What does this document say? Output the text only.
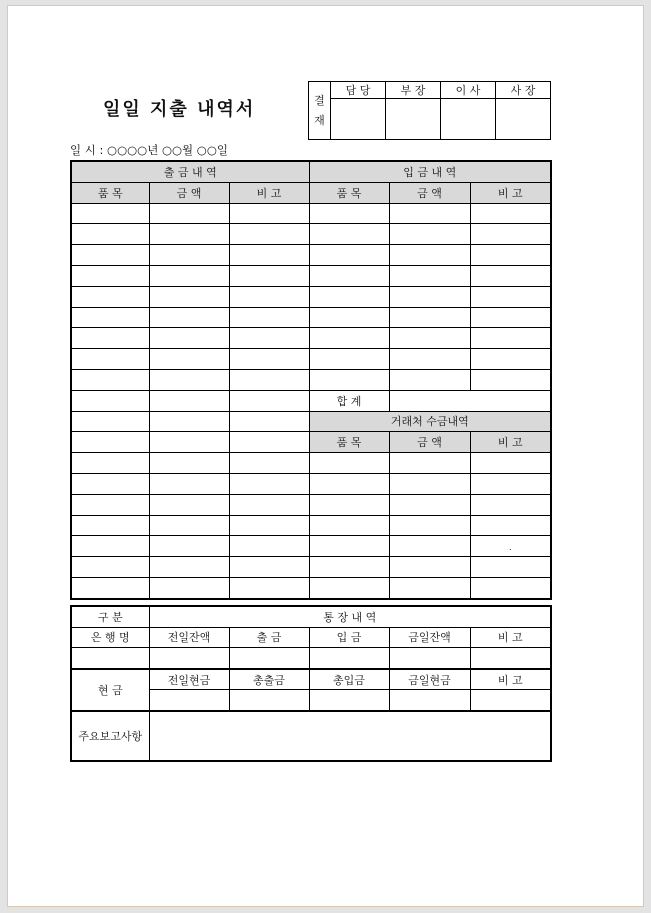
일일 지출 내역서
일 시 : ○○○○년 ○○월 ○○일
결
재	담 당	부 장	이 사	사 장

출 금 내 역			입 금 내 역		
품 목	금 액	비 고	품 목	금 액	비 고

			합 계		
			거래처 수금내역		
			품 목	금 액	비 고

					.

구 분	통 장 내 역				
은 행 명	전일잔액	출 금	입 금	금일잔액	비 고

현 금	전일현금	총출금	총입금	금일현금	비 고

주요보고사항					
